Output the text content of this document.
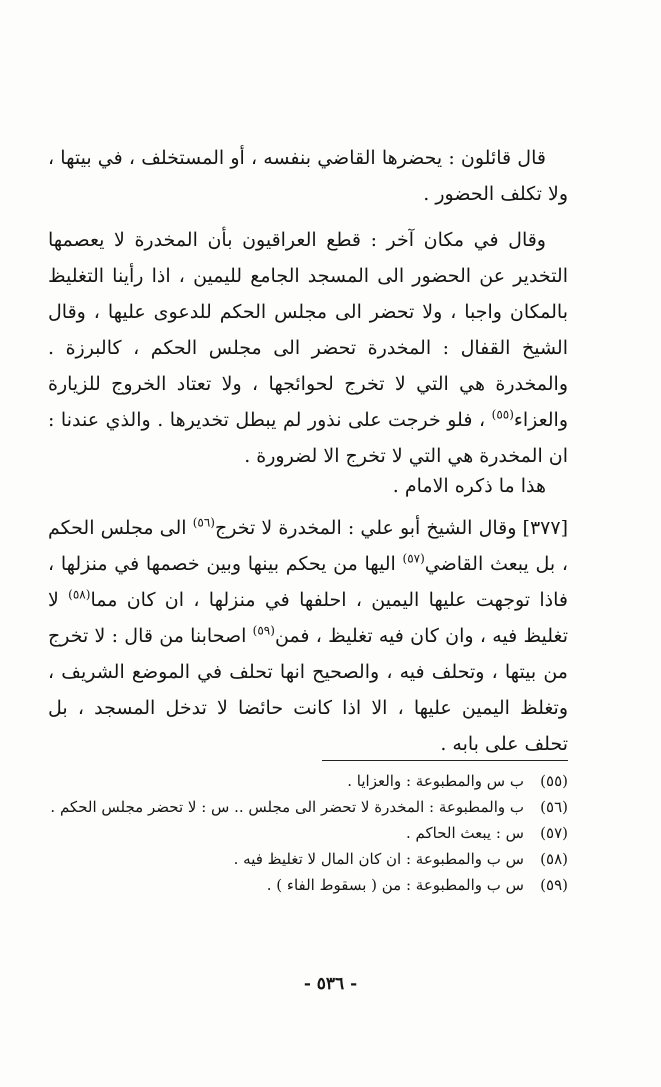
قال قائلون : يحضرها القاضي بنفسه ، أو المستخلف ، في بيتها ، ولا تكلف الحضور .

وقال في مكان آخر : قطع العراقيون بأن المخدرة لا يعصمها التخدير عن الحضور الى المسجد الجامع لليمين ، اذا رأينا التغليظ بالمكان واجبا ، ولا تحضر الى مجلس الحكم للدعوى عليها ، وقال الشيخ القفال : المخدرة تحضر الى مجلس الحكم ، كالبرزة . والمخدرة هي التي لا تخرج لحوائجها ، ولا تعتاد الخروج للزيارة والعزاء$^{(٥٥)}$ ، فلو خرجت على نذور لم يبطل تخديرها . والذي عندنا : ان المخدرة هي التي لا تخرج الا لضرورة .

هذا ما ذكره الامام .

[٣٧٧] وقال الشيخ أبو علي : المخدرة لا تخرج$^{(٥٦)}$ الى مجلس الحكم ، بل يبعث القاضي$^{(٥٧)}$ اليها من يحكم بينها وبين خصمها في منزلها ، فاذا توجهت عليها اليمين ، احلفها في منزلها ، ان كان مما$^{(٥٨)}$ لا تغليظ فيه ، وان كان فيه تغليظ ، فمن$^{(٥٩)}$ اصحابنا من قال : لا تخرج من بيتها ، وتحلف فيه ، والصحيح انها تحلف في الموضع الشريف ، وتغلظ اليمين عليها ، الا اذا كانت حائضا لا تدخل المسجد ، بل تحلف على بابه .

(٥٥)
ب س والمطبوعة : والعزايا .
(٥٦)
ب والمطبوعة : المخدرة لا تحضر الى مجلس .. س : لا تحضر مجلس الحكم .
(٥٧)
س : يبعث الحاكم .
(٥٨)
س ب والمطبوعة : ان كان المال لا تغليظ فيه .
(٥٩)
س ب والمطبوعة : من ( بسقوط الفاء ) .
- ٥٣٦ -
